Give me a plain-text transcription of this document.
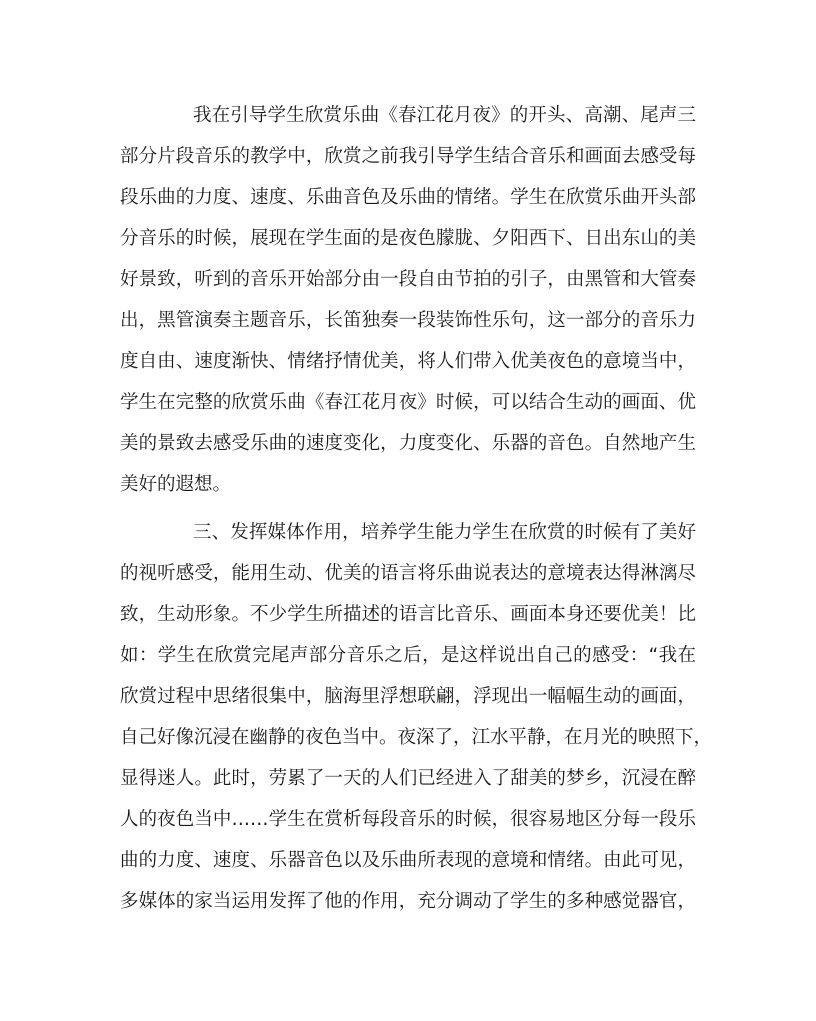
我在引导学生欣赏乐曲《春江花月夜》的开头、高潮、尾声三
部分片段音乐的教学中，欣赏之前我引导学生结合音乐和画面去感受每
段乐曲的力度、速度、乐曲音色及乐曲的情绪。学生在欣赏乐曲开头部
分音乐的时候，展现在学生面的是夜色朦胧、夕阳西下、日出东山的美
好景致，听到的音乐开始部分由一段自由节拍的引子，由黑管和大管奏
出，黑管演奏主题音乐，长笛独奏一段装饰性乐句，这一部分的音乐力
度自由、速度渐快、情绪抒情优美，将人们带入优美夜色的意境当中，
学生在完整的欣赏乐曲《春江花月夜》时候，可以结合生动的画面、优
美的景致去感受乐曲的速度变化，力度变化、乐器的音色。自然地产生
美好的遐想。
三、发挥媒体作用，培养学生能力学生在欣赏的时候有了美好
的视听感受，能用生动、优美的语言将乐曲说表达的意境表达得淋漓尽
致，生动形象。不少学生所描述的语言比音乐、画面本身还要优美！比
如：学生在欣赏完尾声部分音乐之后，是这样说出自己的感受：“我在
欣赏过程中思绪很集中，脑海里浮想联翩，浮现出一幅幅生动的画面，
自己好像沉浸在幽静的夜色当中。夜深了，江水平静，在月光的映照下，
显得迷人。此时，劳累了一天的人们已经进入了甜美的梦乡，沉浸在醉
人的夜色当中……学生在赏析每段音乐的时候，很容易地区分每一段乐
曲的力度、速度、乐器音色以及乐曲所表现的意境和情绪。由此可见，
多媒体的家当运用发挥了他的作用，充分调动了学生的多种感觉器官，
